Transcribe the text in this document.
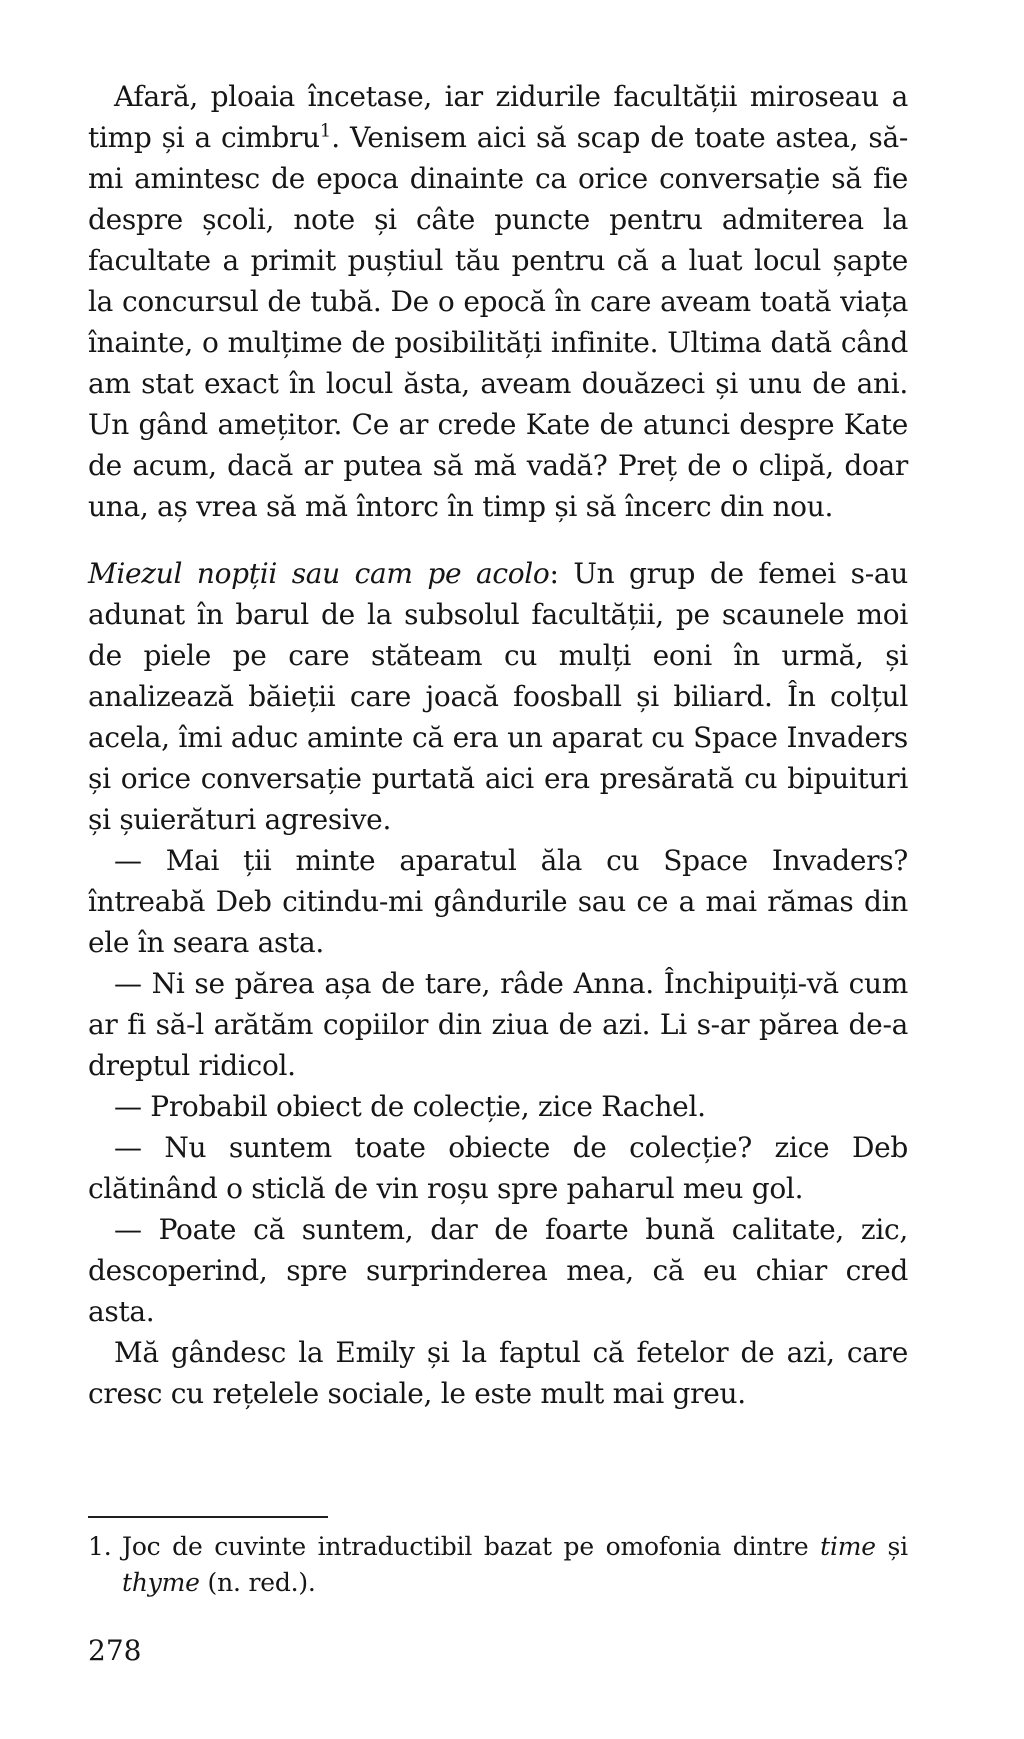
Afară, ploaia încetase, iar zidurile facultății miroseau a timp și a cimbru$^1$. Venisem aici să scap de toate astea, să-mi amintesc de epoca dinainte ca orice conversație să fie despre școli, note și câte puncte pentru admiterea la facultate a primit puștiul tău pentru că a luat locul șapte la concursul de tubă. De o epocă în care aveam toată viața înainte, o mulțime de posibilități infinite. Ultima dată când am stat exact în locul ăsta, aveam douăzeci și unu de ani. Un gând amețitor. Ce ar crede Kate de atunci despre Kate de acum, dacă ar putea să mă vadă? Preț de o clipă, doar una, aș vrea să mă întorc în timp și să încerc din nou.

Miezul nopții sau cam pe acolo: Un grup de femei s-au adunat în barul de la subsolul facultății, pe scaunele moi de piele pe care stăteam cu mulți eoni în urmă, și analizează băieții care joacă foosball și biliard. În colțul acela, îmi aduc aminte că era un aparat cu Space Invaders și orice conversație purtată aici era presărată cu bipuituri și șuierături agresive.

— Mai ții minte aparatul ăla cu Space Invaders? întreabă Deb citindu-mi gândurile sau ce a mai rămas din ele în seara asta.

— Ni se părea așa de tare, râde Anna. Închipuiți-vă cum ar fi să-l arătăm copiilor din ziua de azi. Li s-ar părea de-a dreptul ridicol.

— Probabil obiect de colecție, zice Rachel.

— Nu suntem toate obiecte de colecție? zice Deb clătinând o sticlă de vin roșu spre paharul meu gol.

— Poate că suntem, dar de foarte bună calitate, zic, descoperind, spre surprinderea mea, că eu chiar cred asta.

Mă gândesc la Emily și la faptul că fetelor de azi, care cresc cu rețelele sociale, le este mult mai greu.

1. Joc de cuvinte intraductibil bazat pe omofonia dintre time și thyme (n. red.).
278
